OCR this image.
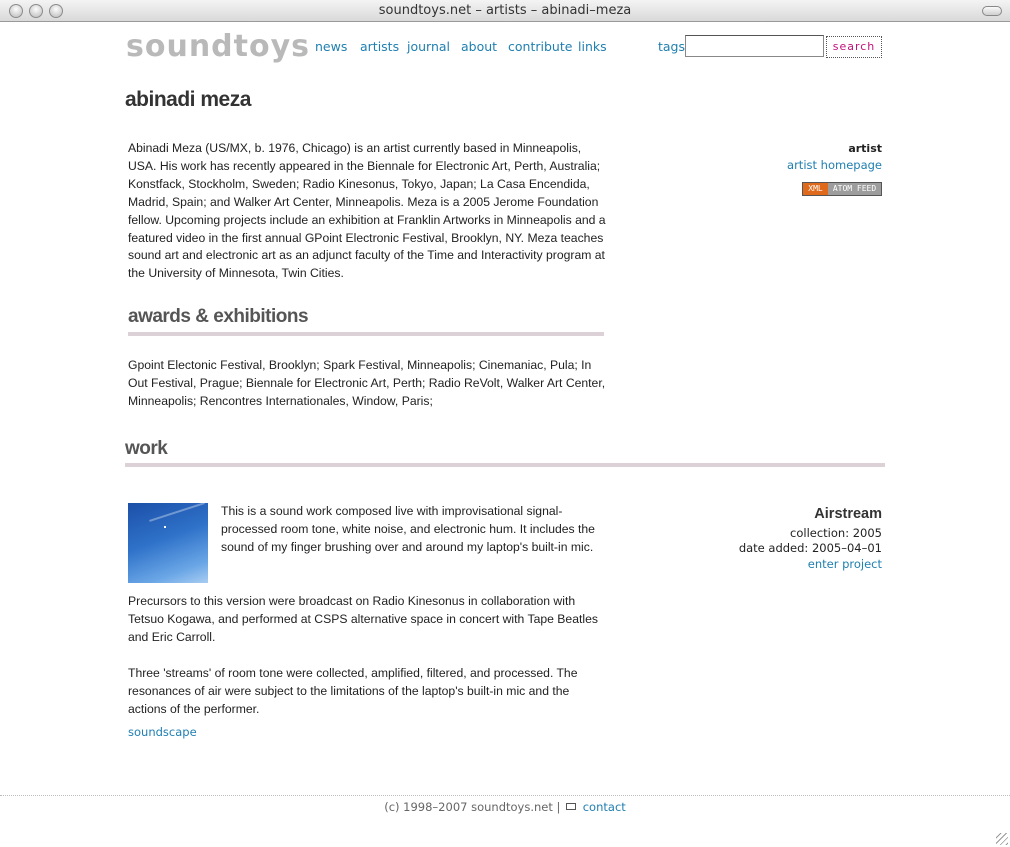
soundtoys.net – artists – abinadi–meza
soundtoys news artists journal about contribute links	tags	search
abinadi meza

Abinadi Meza (US/MX, b. 1976, Chicago) is an artist currently based in Minneapolis, USA. His work has recently appeared in the Biennale for Electronic Art, Perth, Australia; Konstfack, Stockholm, Sweden; Radio Kinesonus, Tokyo, Japan; La Casa Encendida, Madrid, Spain; and Walker Art Center, Minneapolis. Meza is a 2005 Jerome Foundation fellow. Upcoming projects include an exhibition at Franklin Artworks in Minneapolis and a featured video in the first annual GPoint Electronic Festival, Brooklyn, NY. Meza teaches sound art and electronic art as an adjunct faculty of the Time and Interactivity program at the University of Minnesota, Twin Cities.

artist
artist homepage
XML	ATOM FEED
awards & exhibitions

Gpoint Electonic Festival, Brooklyn; Spark Festival, Minneapolis; Cinemaniac, Pula; In Out Festival, Prague; Biennale for Electronic Art, Perth; Radio ReVolt, Walker Art Center, Minneapolis; Rencontres Internationales, Window, Paris;

work

This is a sound work composed live with improvisational signal-processed room tone, white noise, and electronic hum. It includes the sound of my finger brushing over and around my laptop's built-in mic.

Precursors to this version were broadcast on Radio Kinesonus in collaboration with Tetsuo Kogawa, and performed at CSPS alternative space in concert with Tape Beatles and Eric Carroll.

Three 'streams' of room tone were collected, amplified, filtered, and processed. The resonances of air were subject to the limitations of the laptop's built-in mic and the actions of the performer.

soundscape
Airstream
collection: 2005
date added: 2005–04–01
enter project
(c) 1998–2007 soundtoys.net | contact
